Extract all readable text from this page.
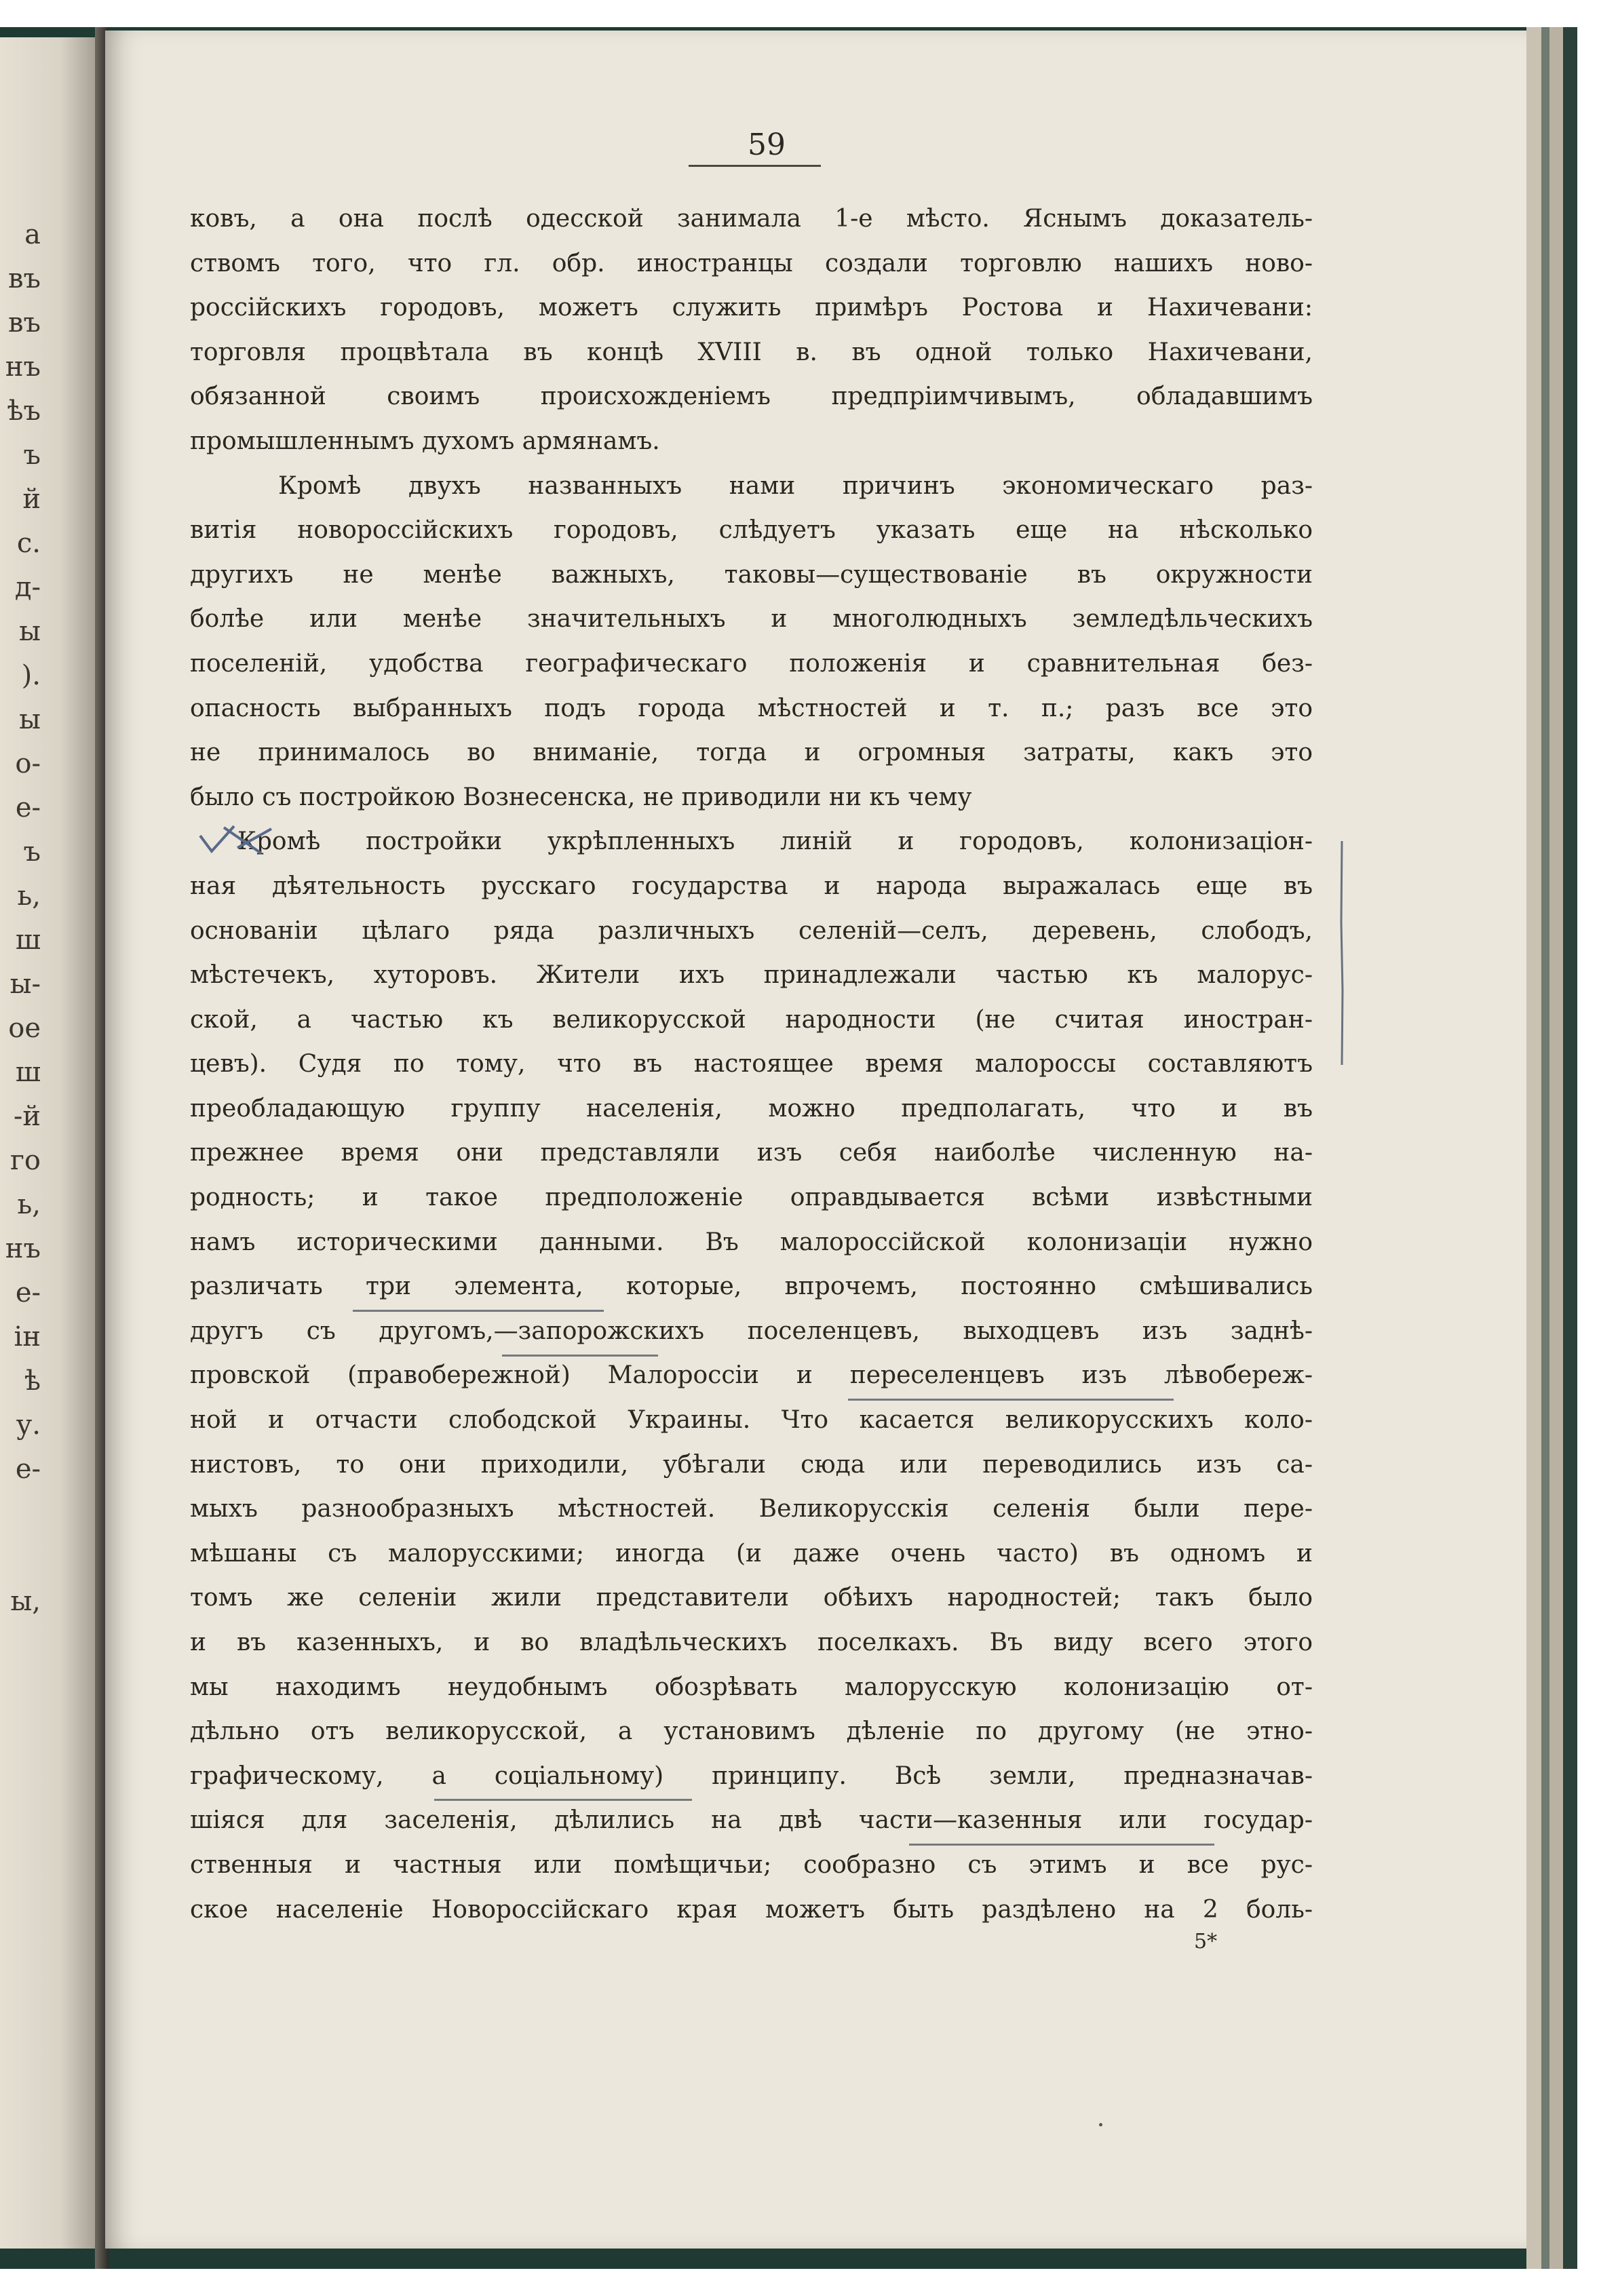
а
въ
въ
нъ
ѣъ
ъ
й
с.
д-
ы
).
ы
о-
е-
ъ
ь,
ш
ы-
ое
ш
-й
го
ь,
нъ
е-
ін
ѣ
у.
е-
ы,
59
ковъ, а она послѣ одесской занимала 1-е мѣсто. Яснымъ доказатель-
ствомъ того, что гл. обр. иностранцы создали торговлю нашихъ ново-
россійскихъ городовъ, можетъ служить примѣръ Ростова и Нахичевани:
торговля процвѣтала въ концѣ XVIII в. въ одной только Нахичевани,
обязанной своимъ происхожденіемъ предпріимчивымъ, обладавшимъ
промышленнымъ духомъ армянамъ.
Кромѣ двухъ названныхъ нами причинъ экономическаго раз-
витія новороссійскихъ городовъ, слѣдуетъ указать еще на нѣсколько
другихъ не менѣе важныхъ, таковы—существованіе въ окружности
болѣе или менѣе значительныхъ и многолюдныхъ земледѣльческихъ
поселеній, удобства географическаго положенія и сравнительная без-
опасность выбранныхъ подъ города мѣстностей и т. п.; разъ все это
не принималось во вниманіе, тогда и огромныя затраты, какъ это
было съ постройкою Вознесенска, не приводили ни къ чему
Кромѣ постройки укрѣпленныхъ линій и городовъ, колонизацiон-
ная дѣятельность русскаго государства и народа выражалась еще въ
основаніи цѣлаго ряда различныхъ селеній—селъ, деревень, слободъ,
мѣстечекъ, хуторовъ. Жители ихъ принадлежали частью къ малорус-
ской, а частью къ великорусской народности (не считая иностран-
цевъ). Судя по тому, что въ настоящее время малороссы составляютъ
преобладающую группу населенія, можно предполагать, что и въ
прежнее время они представляли изъ себя наиболѣе численную на-
родность; и такое предположеніе оправдывается всѣми извѣстными
намъ историческими данными. Въ малороссійской колонизаціи нужно
различать три элемента, которые, впрочемъ, постоянно смѣшивались
другъ съ другомъ,—запорожскихъ поселенцевъ, выходцевъ изъ заднѣ-
провской (правобережной) Малороссіи и переселенцевъ изъ лѣвобереж-
ной и отчасти слободской Украины. Что касается великорусскихъ коло-
нистовъ, то они приходили, убѣгали сюда или переводились изъ са-
мыхъ разнообразныхъ мѣстностей. Великорусскія селенія были пере-
мѣшаны съ малорусскими; иногда (и даже очень часто) въ одномъ и
томъ же селеніи жили представители обѣихъ народностей; такъ было
и въ казенныхъ, и во владѣльческихъ поселкахъ. Въ виду всего этого
мы находимъ неудобнымъ обозрѣвать малорусскую колонизацію от-
дѣльно отъ великорусской, а установимъ дѣленіе по другому (не этно-
графическому, а соціальному) принципу. Всѣ земли, предназначав-
шіяся для заселенія, дѣлились на двѣ части—казенныя или государ-
ственныя и частныя или помѣщичьи; сообразно съ этимъ и все рус-
ское населеніе Новороссійскаго края можетъ быть раздѣлено на 2 боль-
5*
